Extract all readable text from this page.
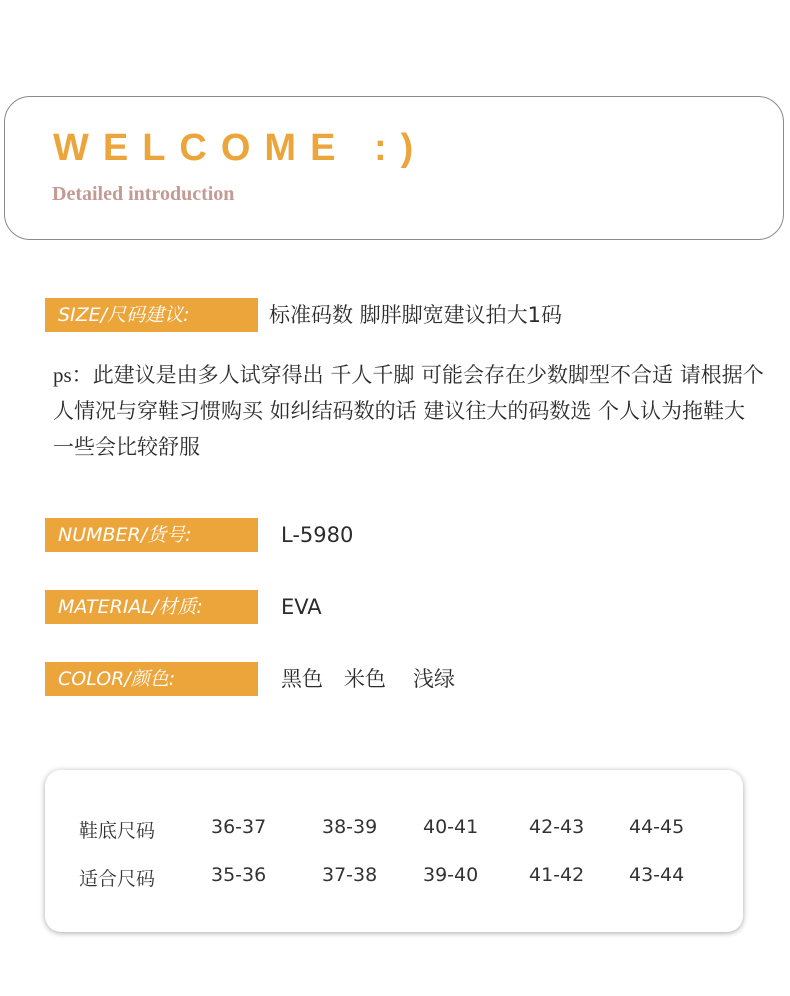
WELCOME :)
Detailed introduction
SIZE/尺码建议:	标准码数 脚胖脚宽建议拍大1码
ps：此建议是由多人试穿得出 千人千脚 可能会存在少数脚型不合适 请根据个人情况与穿鞋习惯购买 如纠结码数的话 建议往大的码数选 个人认为拖鞋大一些会比较舒服
NUMBER/货号:	L-5980
MATERIAL/材质:	EVA
COLOR/颜色:	黑色 米色 浅绿
鞋底尺码	36-37	38-39 40-41	42-43 44-45
适合尺码	35-36	37-38 39-40	41-42 43-44
